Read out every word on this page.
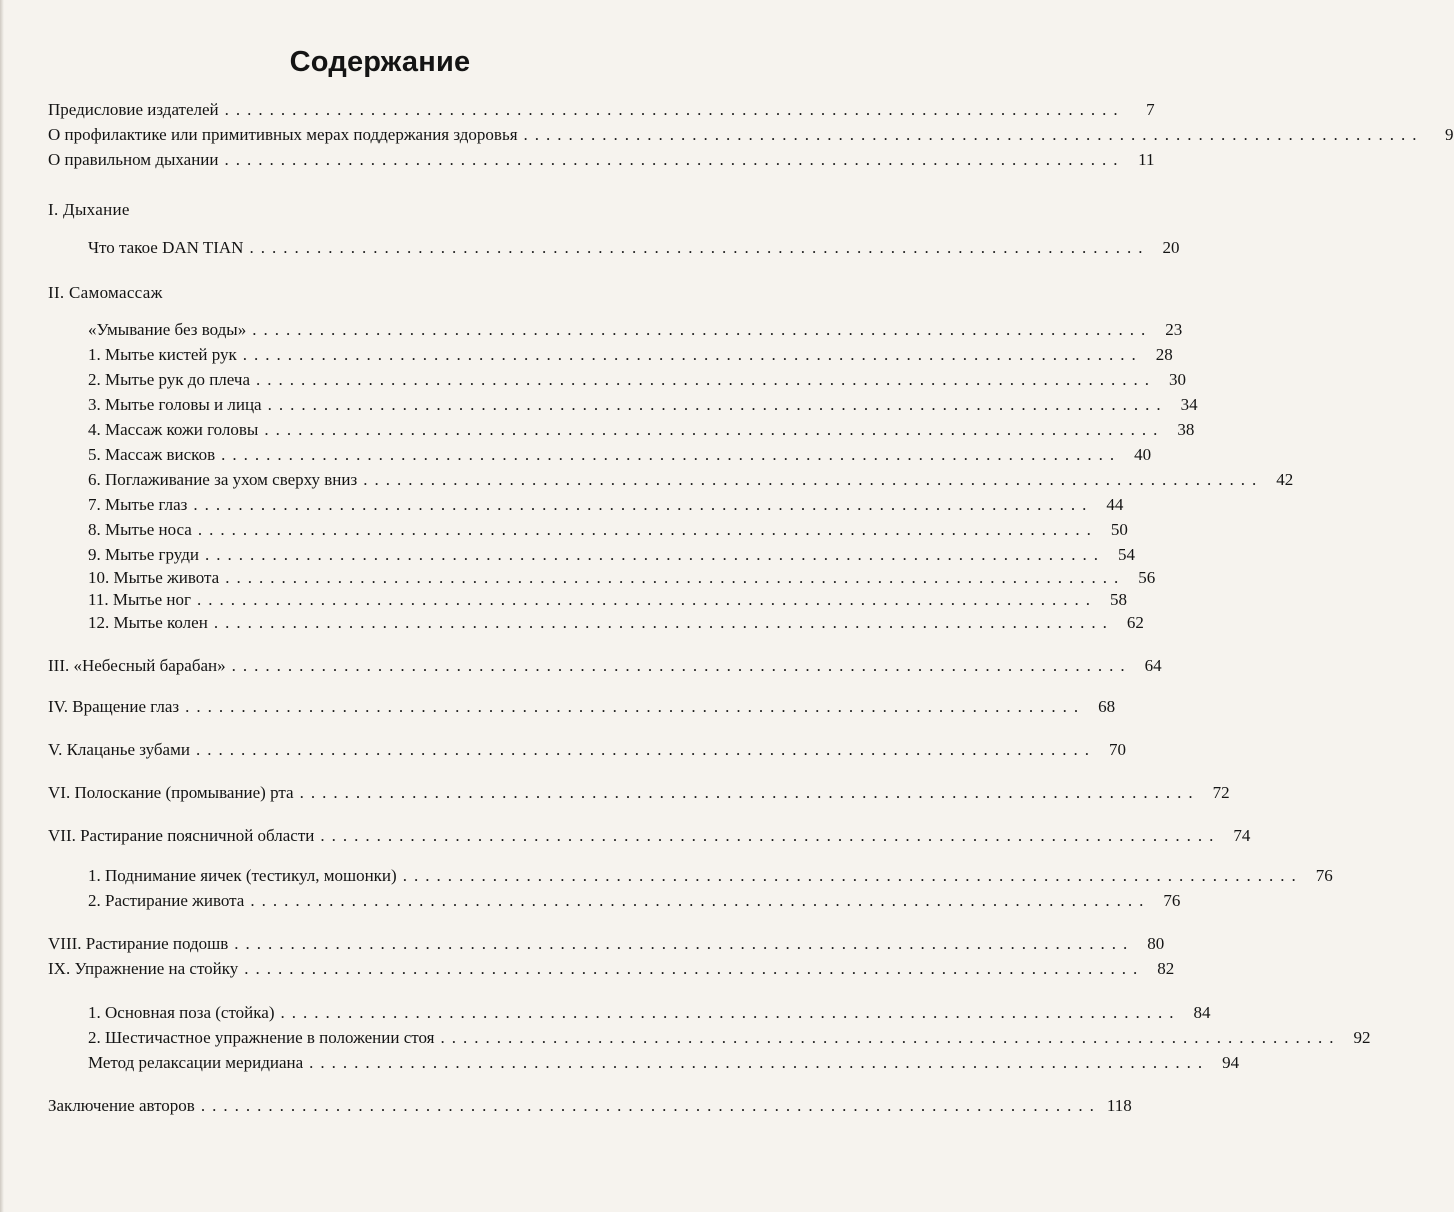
Содержание
Предисловие издателей ................................................................................	7
О профилактике или примитивных мерах поддержания здоровья ................................................................................	9
О правильном дыхании ................................................................................ 11
I. Дыхание
Что такое DAN TIAN ................................................................................ 20
II. Самомассаж
«Умывание без воды» ................................................................................ 23
1. Мытье кистей рук ................................................................................ 28
2. Мытье рук до плеча ................................................................................ 30
3. Мытье головы и лица ................................................................................ 34
4. Массаж кожи головы ................................................................................ 38
5. Массаж висков ................................................................................ 40
6. Поглаживание за ухом сверху вниз ................................................................................ 42
7. Мытье глаз ................................................................................ 44
8. Мытье носа ................................................................................ 50
9. Мытье груди ................................................................................ 54
10. Мытье живота ................................................................................ 56
11. Мытье ног ................................................................................ 58
12. Мытье колен ................................................................................ 62
III. «Небесный барабан» ................................................................................ 64
IV. Вращение глаз ................................................................................ 68
V. Клацанье зубами ................................................................................ 70
VI. Полоскание (промывание) рта ................................................................................ 72
VII. Растирание поясничной области ................................................................................ 74
1. Поднимание яичек (тестикул, мошонки) ................................................................................ 76
2. Растирание живота ................................................................................ 76
VIII. Растирание подошв ................................................................................ 80
IX. Упражнение на стойку ................................................................................ 82
1. Основная поза (стойка) ................................................................................ 84
2. Шестичастное упражнение в положении стоя ................................................................................ 92
Метод релаксации меридиана ................................................................................ 94
Заключение авторов ................................................................................ 118
